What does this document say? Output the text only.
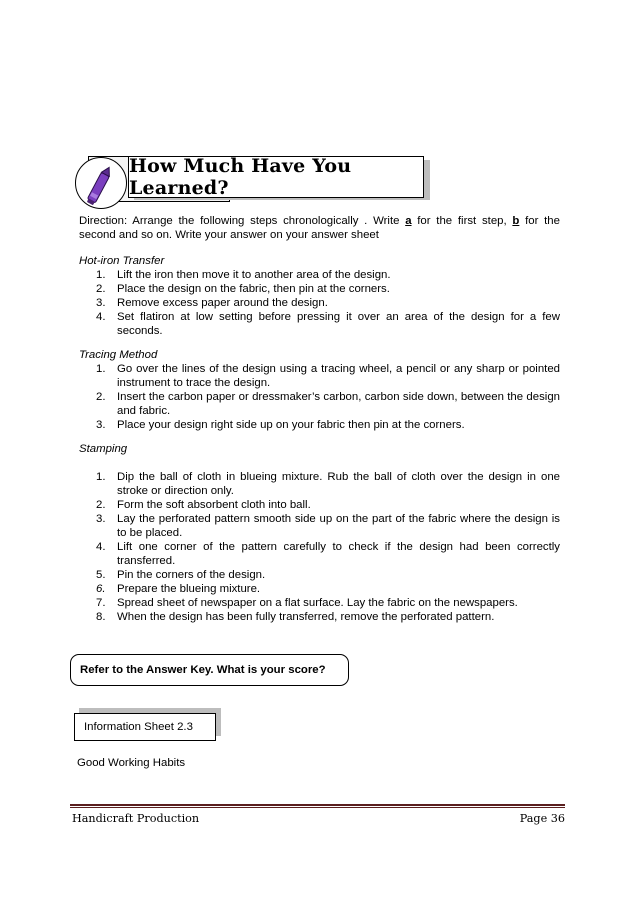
How Much Have You Learned?
Direction: Arrange the following steps chronologically . Write a for the first step, b for the second and so on. Write your answer on your answer sheet
Hot-iron Transfer
1. Lift the iron then move it to another area of the design.
2. Place the design on the fabric, then pin at the corners.
3. Remove excess paper around the design.
4. Set flatiron at low setting before pressing it over an area of the design for a few seconds.
Tracing Method
1. Go over the lines of the design using a tracing wheel, a pencil or any sharp or pointed instrument to trace the design.
2. Insert the carbon paper or dressmaker’s carbon, carbon side down, between the design and fabric.
3. Place your design right side up on your fabric then pin at the corners.
Stamping
1. Dip the ball of cloth in blueing mixture. Rub the ball of cloth over the design in one stroke or direction only.
2. Form the soft absorbent cloth into ball.
3. Lay the perforated pattern smooth side up on the part of the fabric where the design is to be placed.
4. Lift one corner of the pattern carefully to check if the design had been correctly transferred.
5. Pin the corners of the design.
6. Prepare the blueing mixture.
7. Spread sheet of newspaper on a flat surface. Lay the fabric on the newspapers.
8. When the design has been fully transferred, remove the perforated pattern.
Refer to the Answer Key. What is your score?
Information Sheet 2.3
Good Working Habits
Handicraft Production	Page 36
